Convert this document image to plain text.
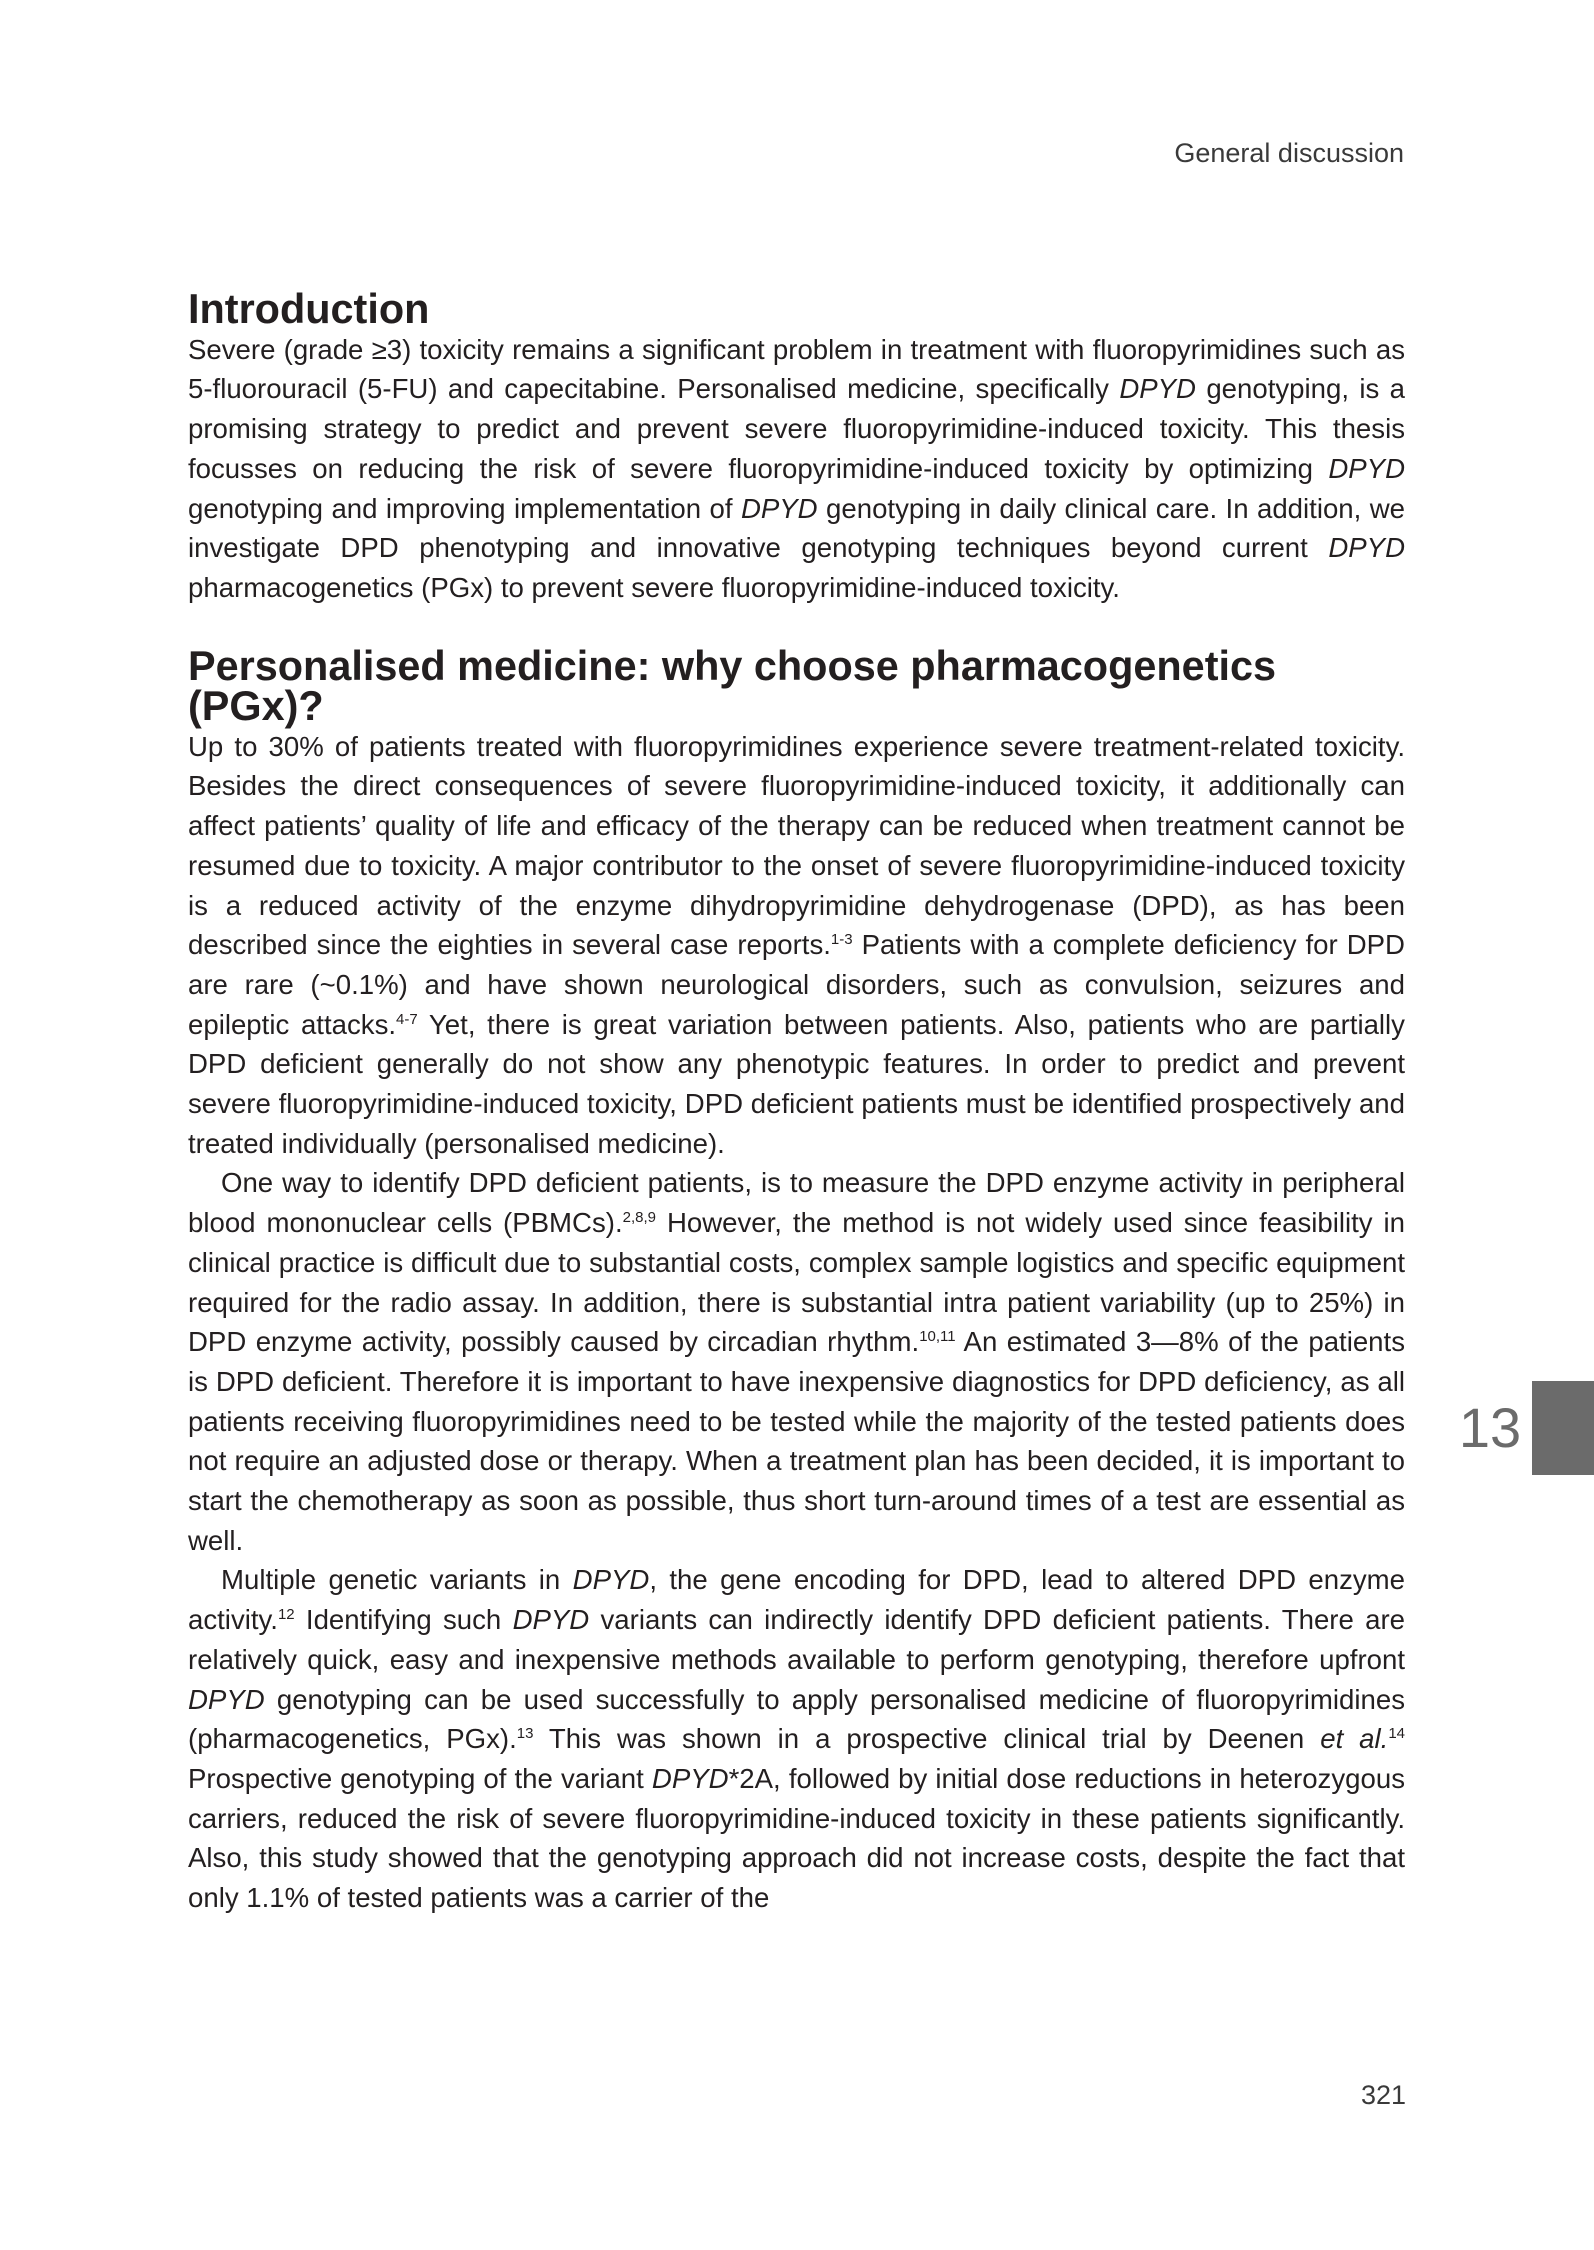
General discussion

Introduction

Severe (grade ≥3) toxicity remains a significant problem in treatment with fluoropyrimidines such as 5-fluorouracil (5-FU) and capecitabine. Personalised medicine, specifically DPYD genotyping, is a promising strategy to predict and prevent severe fluoropyrimidine-induced toxicity. This thesis focusses on reducing the risk of severe fluoropyrimidine-induced toxicity by optimizing DPYD genotyping and improving implementation of DPYD genotyping in daily clinical care. In addition, we investigate DPD phenotyping and innovative genotyping techniques beyond current DPYD pharmacogenetics (PGx) to prevent severe fluoropyrimidine-induced toxicity.

Personalised medicine: why choose pharmacogenetics (PGx)?

Up to 30% of patients treated with fluoropyrimidines experience severe treatment-related toxicity. Besides the direct consequences of severe fluoropyrimidine-induced toxicity, it additionally can affect patients’ quality of life and efficacy of the therapy can be reduced when treatment cannot be resumed due to toxicity. A major contributor to the onset of severe fluoropyrimidine-induced toxicity is a reduced activity of the enzyme dihydropyrimidine dehydrogenase (DPD), as has been described since the eighties in several case reports.$^{1-3}$ Patients with a complete deficiency for DPD are rare (~0.1%) and have shown neurological disorders, such as convulsion, seizures and epileptic attacks.$^{4-7}$ Yet, there is great variation between patients. Also, patients who are partially DPD deficient generally do not show any phenotypic features. In order to predict and prevent severe fluoropyrimidine-induced toxicity, DPD deficient patients must be identified prospectively and treated individually (personalised medicine).

One way to identify DPD deficient patients, is to measure the DPD enzyme activity in peripheral blood mononuclear cells (PBMCs).$^{2,8,9}$ However, the method is not widely used since feasibility in clinical practice is difficult due to substantial costs, complex sample logistics and specific equipment required for the radio assay. In addition, there is substantial intra patient variability (up to 25%) in DPD enzyme activity, possibly caused by circadian rhythm.$^{10,11}$ An estimated 3—8% of the patients is DPD deficient. Therefore it is important to have inexpensive diagnostics for DPD deficiency, as all patients receiving fluoropyrimidines need to be tested while the majority of the tested patients does not require an adjusted dose or therapy. When a treatment plan has been decided, it is important to start the chemotherapy as soon as possible, thus short turn-around times of a test are essential as well.

Multiple genetic variants in DPYD, the gene encoding for DPD, lead to altered DPD enzyme activity.$^{12}$ Identifying such DPYD variants can indirectly identify DPD deficient patients. There are relatively quick, easy and inexpensive methods available to perform genotyping, therefore upfront DPYD genotyping can be used successfully to apply personalised medicine of fluoropyrimidines (pharmacogenetics, PGx).$^{13}$ This was shown in a prospective clinical trial by Deenen et al.$^{14}$ Prospective genotyping of the variant DPYD*2A, followed by initial dose reductions in heterozygous carriers, reduced the risk of severe fluoropyrimidine-induced toxicity in these patients significantly. Also, this study showed that the genotyping approach did not increase costs, despite the fact that only 1.1% of tested patients was a carrier of the

13

321
